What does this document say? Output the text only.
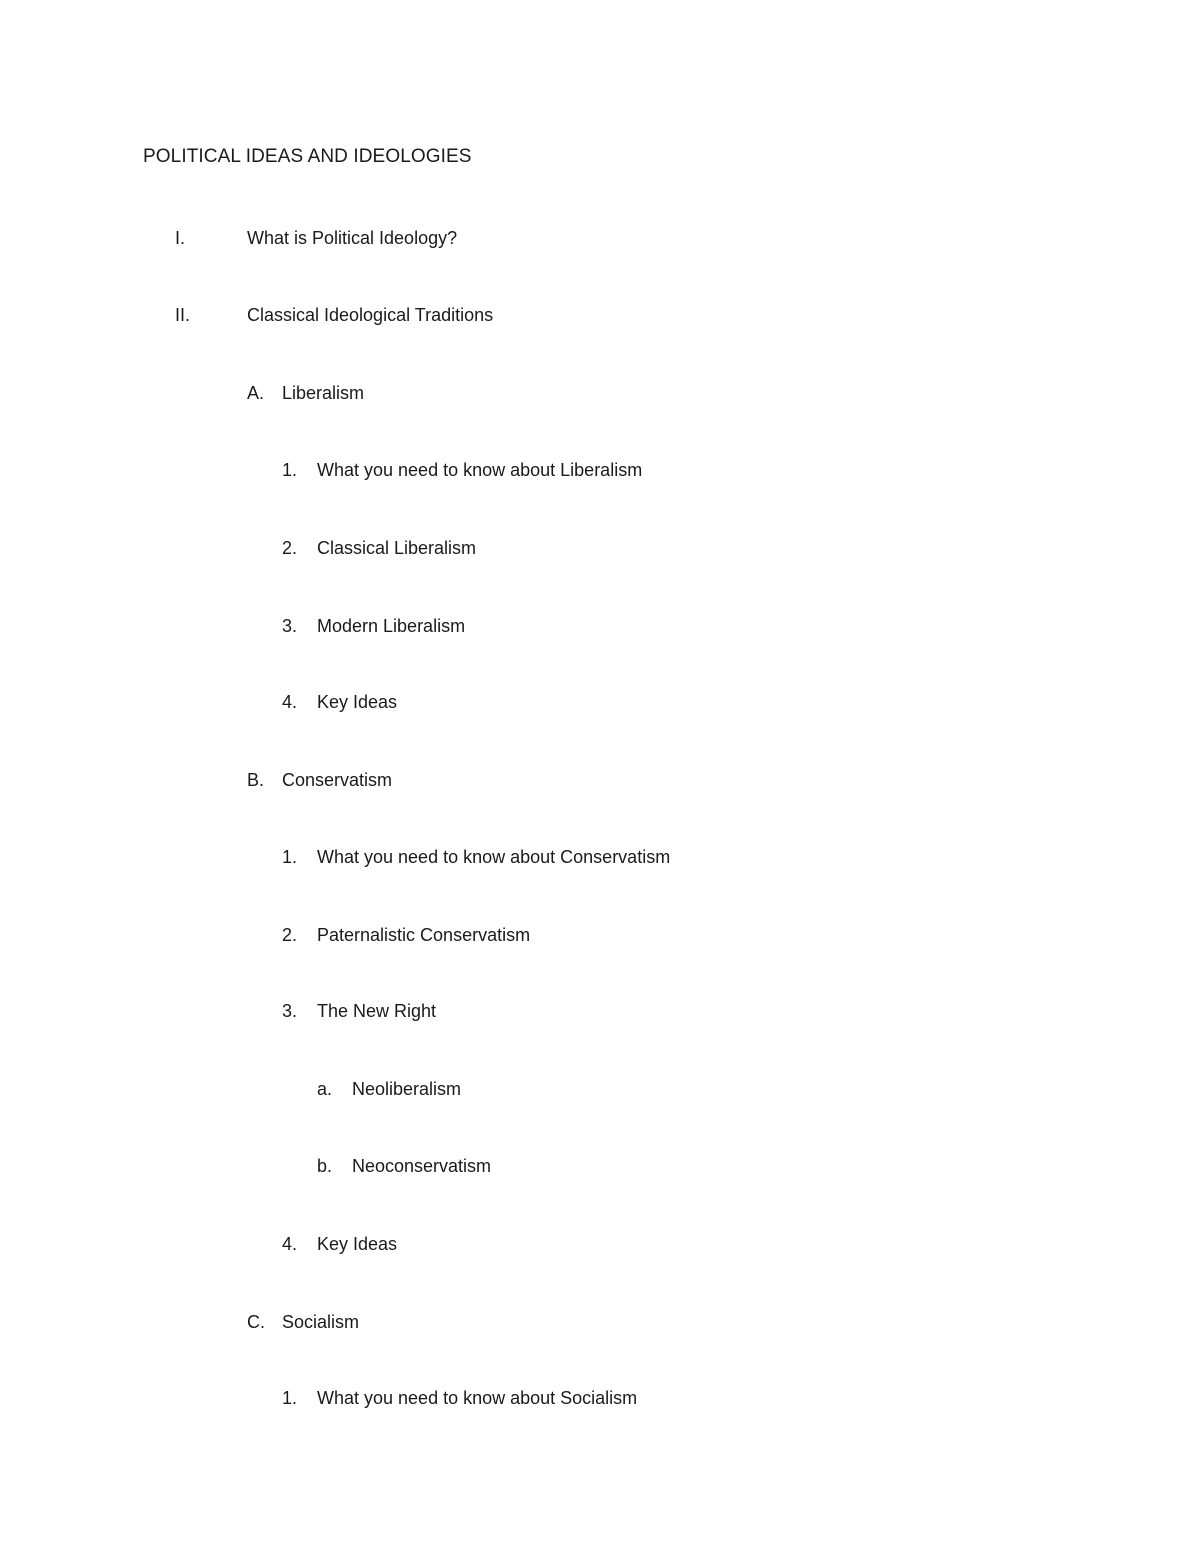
POLITICAL IDEAS AND IDEOLOGIES
I.	What is Political Ideology?
II.	Classical Ideological Traditions
A. Liberalism
1. What you need to know about Liberalism
2. Classical Liberalism
3. Modern Liberalism
4. Key Ideas
B. Conservatism
1. What you need to know about Conservatism
2. Paternalistic Conservatism
3. The New Right
a. Neoliberalism
b. Neoconservatism
4. Key Ideas
C. Socialism
1. What you need to know about Socialism
